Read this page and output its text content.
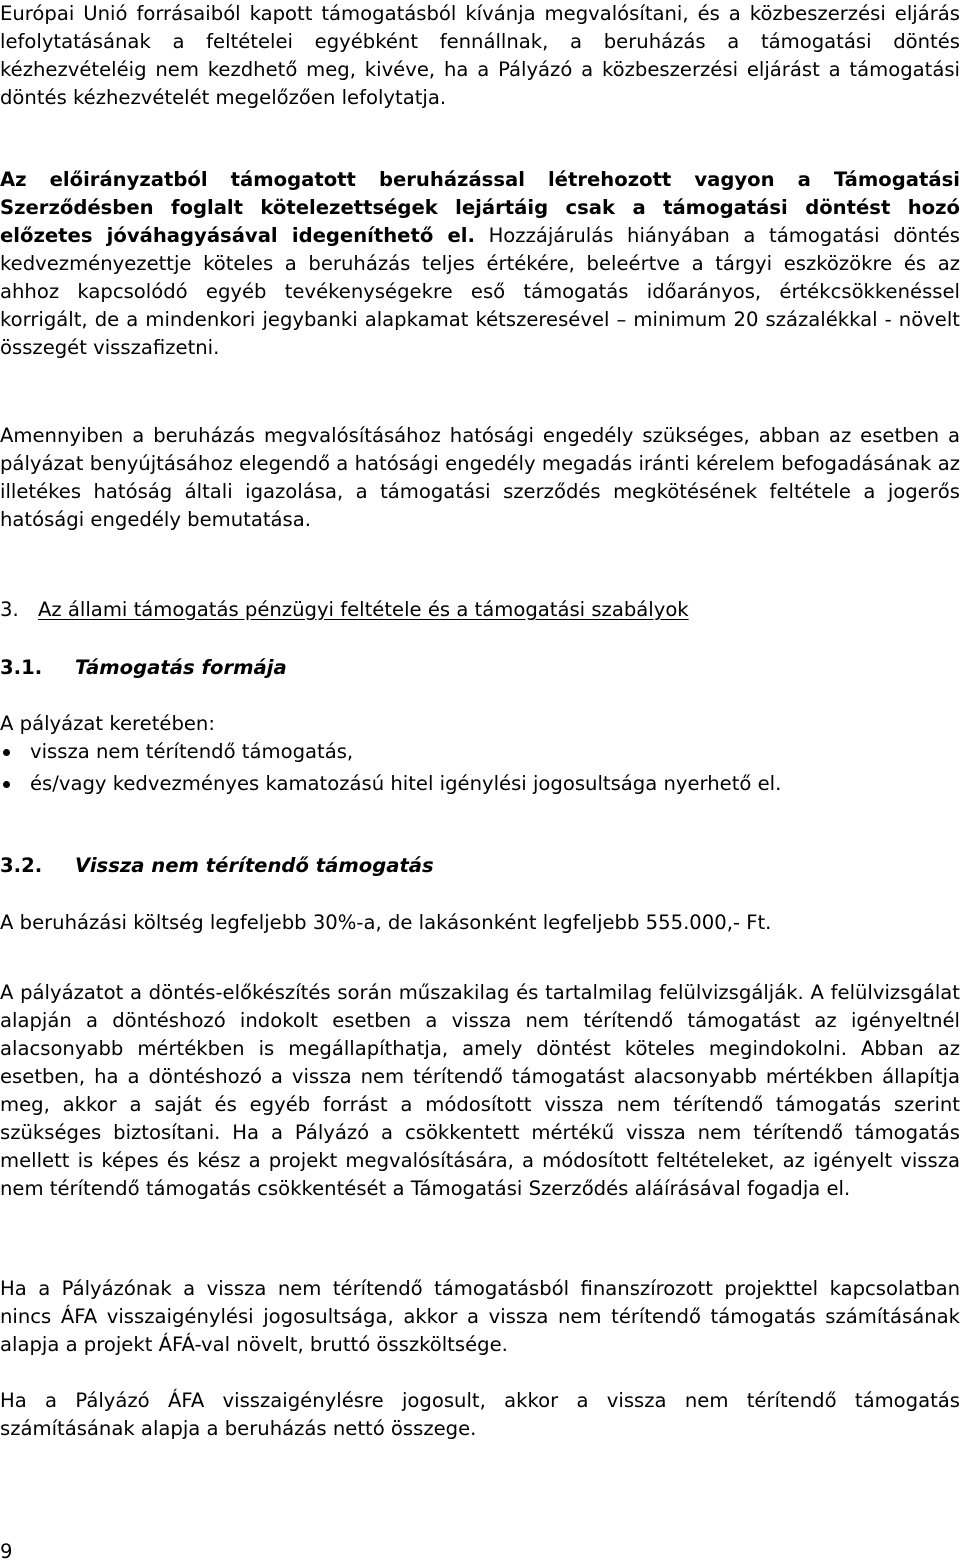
Európai Unió forrásaiból kapott támogatásból kívánja megvalósítani, és a közbeszerzési eljárás lefolytatásának a feltételei egyébként fennállnak, a beruházás a támogatási döntés kézhezvételéig nem kezdhető meg, kivéve, ha a Pályázó a közbeszerzési eljárást a támogatási döntés kézhezvételét megelőzően lefolytatja.

Az előirányzatból támogatott beruházással létrehozott vagyon a Támogatási Szerződésben foglalt kötelezettségek lejártáig csak a támogatási döntést hozó előzetes jóváhagyásával idegeníthető el. Hozzájárulás hiányában a támogatási döntés kedvezményezettje köteles a beruházás teljes értékére, beleértve a tárgyi eszközökre és az ahhoz kapcsolódó egyéb tevékenységekre eső támogatás időarányos, értékcsökkenéssel korrigált, de a mindenkori jegybanki alapkamat kétszeresével – minimum 20 százalékkal - növelt összegét visszafizetni.

Amennyiben a beruházás megvalósításához hatósági engedély szükséges, abban az esetben a pályázat benyújtásához elegendő a hatósági engedély megadás iránti kérelem befogadásának az illetékes hatóság általi igazolása, a támogatási szerződés megkötésének feltétele a jogerős hatósági engedély bemutatása.

3. Az állami támogatás pénzügyi feltétele és a támogatási szabályok
3.1. Támogatás formája

A pályázat keretében:

vissza nem térítendő támogatás,
és/vagy kedvezményes kamatozású hitel igénylési jogosultsága nyerhető el.
3.2. Vissza nem térítendő támogatás

A beruházási költség legfeljebb 30%-a, de lakásonként legfeljebb 555.000,- Ft.

A pályázatot a döntés-előkészítés során műszakilag és tartalmilag felülvizsgálják. A felülvizsgálat alapján a döntéshozó indokolt esetben a vissza nem térítendő támogatást az igényeltnél alacsonyabb mértékben is megállapíthatja, amely döntést köteles megindokolni. Abban az esetben, ha a döntéshozó a vissza nem térítendő támogatást alacsonyabb mértékben állapítja meg, akkor a saját és egyéb forrást a módosított vissza nem térítendő támogatás szerint szükséges biztosítani. Ha a Pályázó a csökkentett mértékű vissza nem térítendő támogatás mellett is képes és kész a projekt megvalósítására, a módosított feltételeket, az igényelt vissza nem térítendő támogatás csökkentését a Támogatási Szerződés aláírásával fogadja el.

Ha a Pályázónak a vissza nem térítendő támogatásból finanszírozott projekttel kapcsolatban nincs ÁFA visszaigénylési jogosultsága, akkor a vissza nem térítendő támogatás számításának alapja a projekt ÁFÁ-val növelt, bruttó összköltsége.

Ha a Pályázó ÁFA visszaigénylésre jogosult, akkor a vissza nem térítendő támogatás számításának alapja a beruházás nettó összege.

9
